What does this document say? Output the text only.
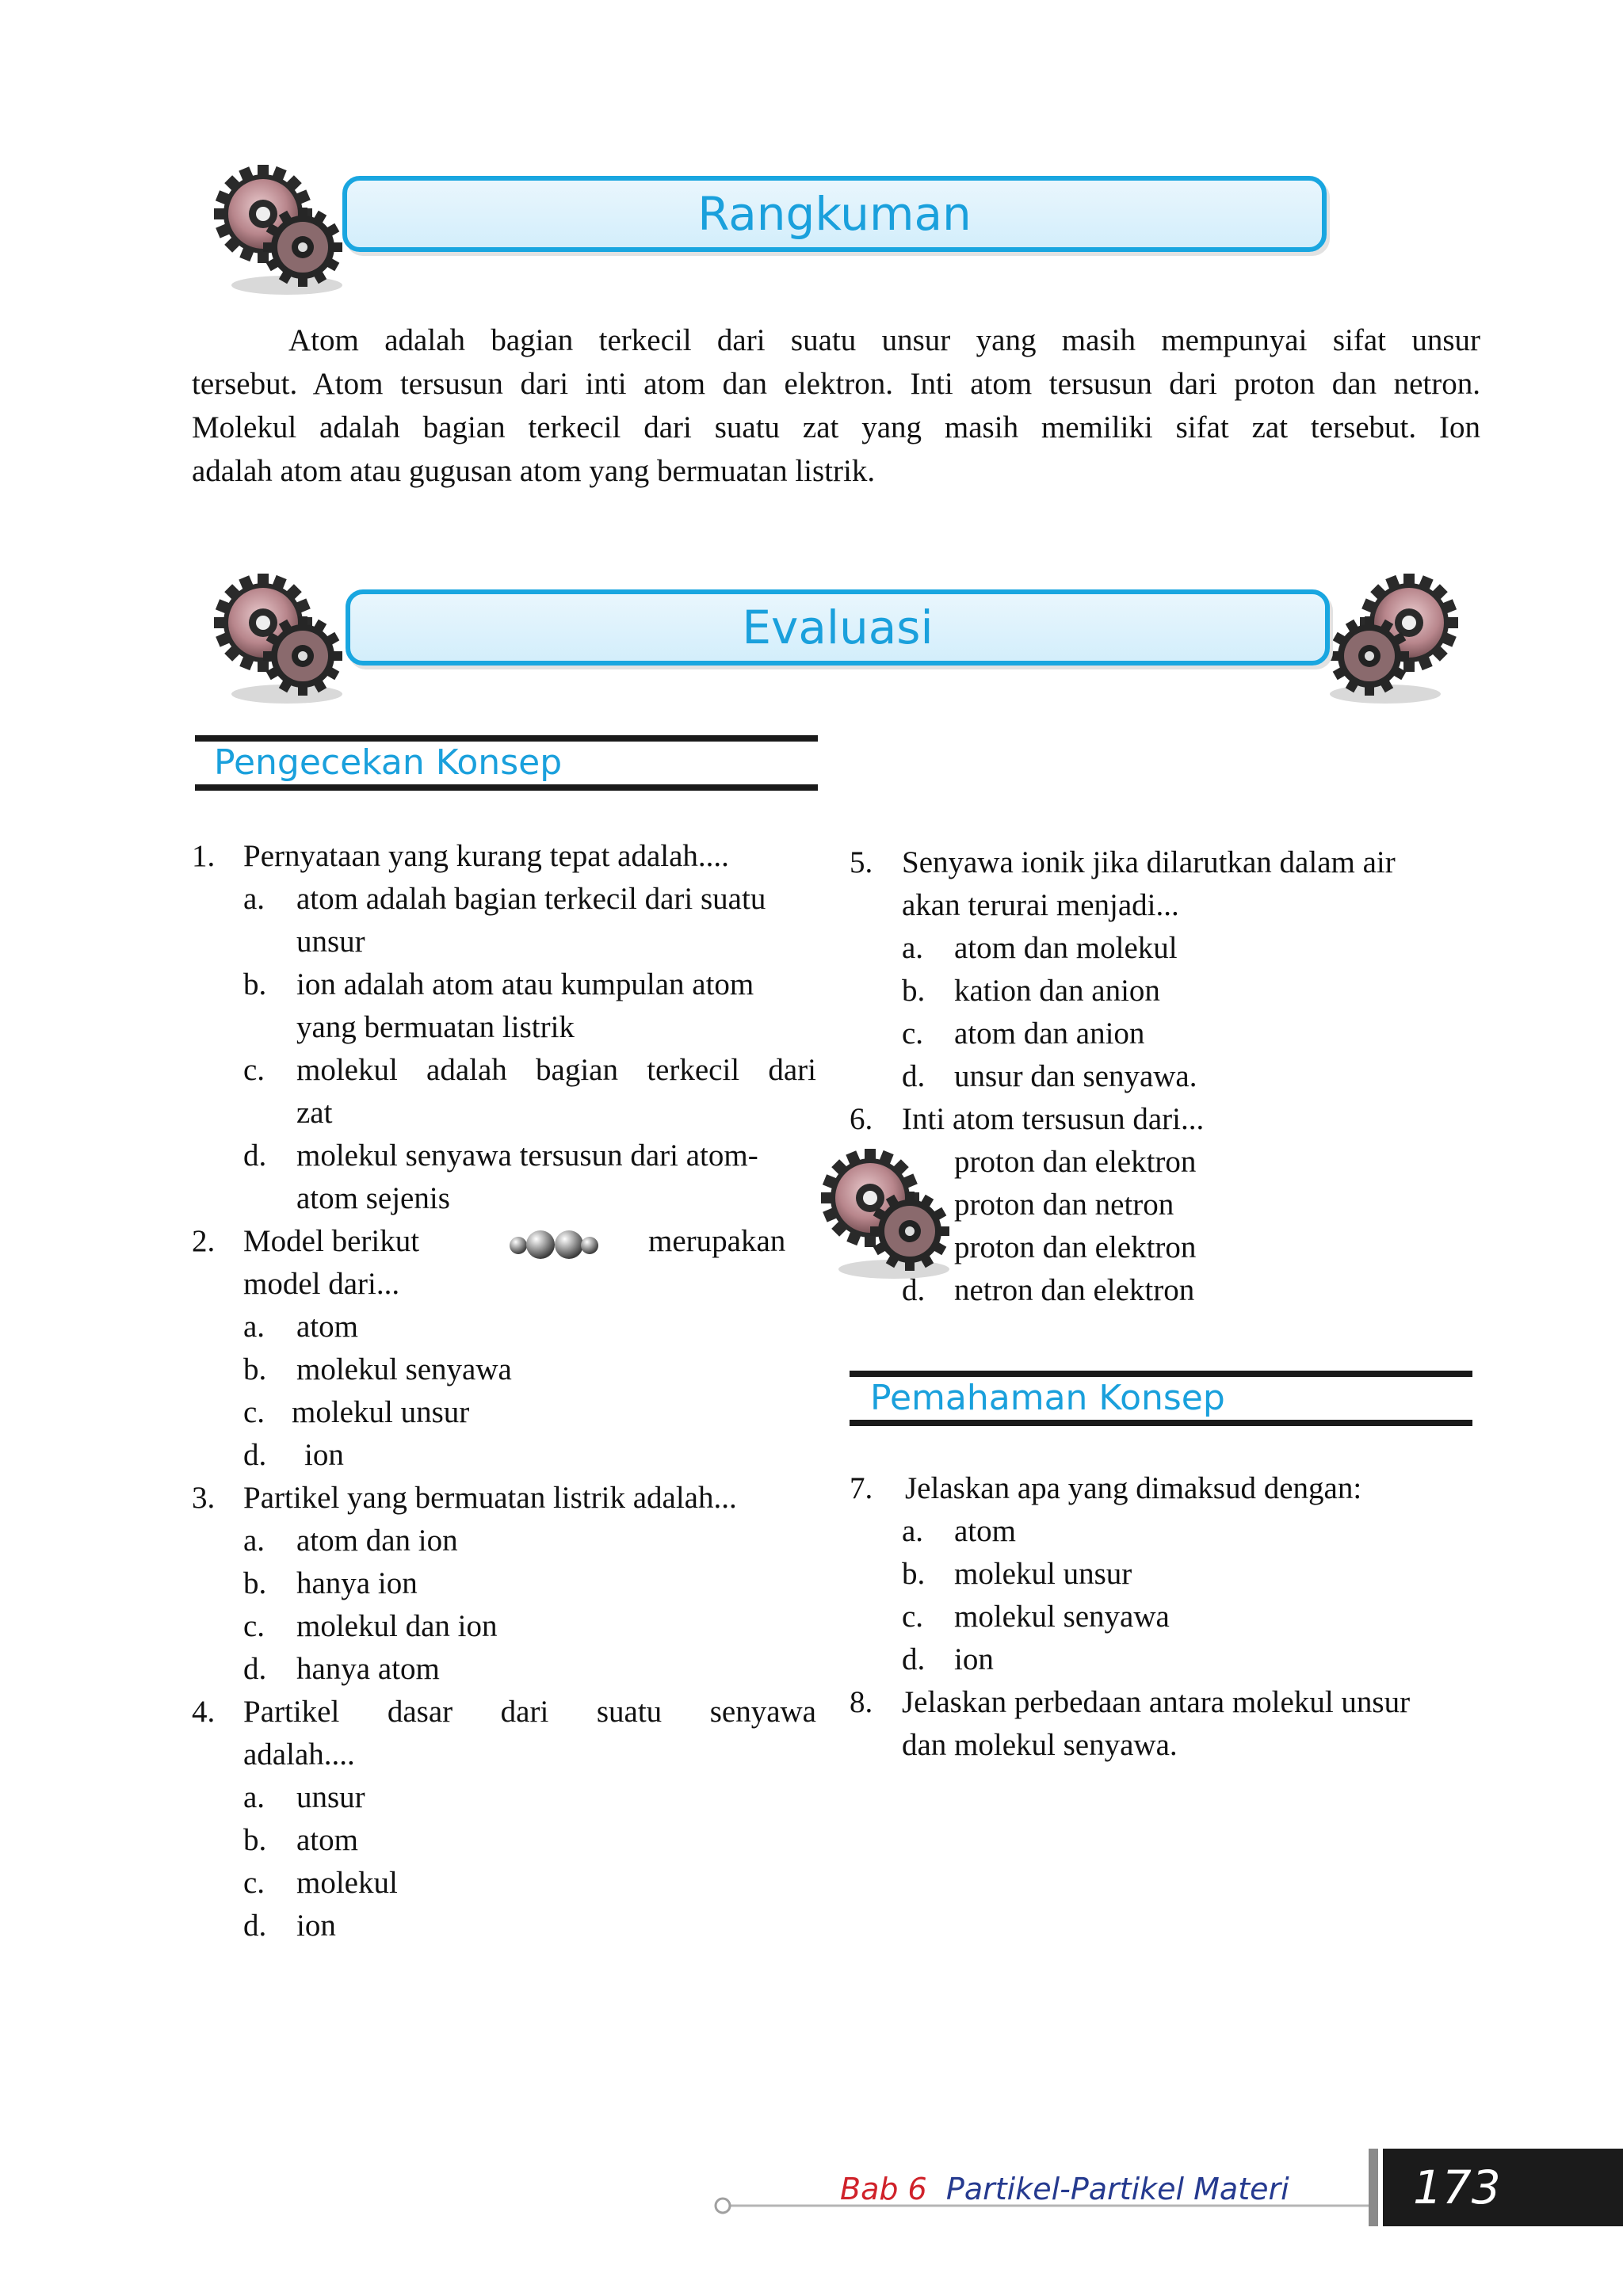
Rangkuman

Atom adalah bagian terkecil dari suatu unsur yang masih mempunyai sifat unsur
tersebut. Atom tersusun dari inti atom dan elektron. Inti atom tersusun dari proton dan netron.
Molekul adalah bagian terkecil dari suatu zat yang masih memiliki sifat zat tersebut. Ion
adalah atom atau gugusan atom yang bermuatan listrik.

Evaluasi
Pengecekan Konsep
1. Pernyataan yang kurang tepat adalah....
a. atom adalah bagian terkecil dari suatu
unsur
b. ion adalah atom atau kumpulan atom
yang bermuatan listrik
c. molekul adalah bagian terkecil dari
zat
d. molekul senyawa tersusun dari atom-
atom sejenis
2. Model berikut	merupakan
model dari...
a. atom
b. molekul senyawa
c. molekul unsur
d. ion
3. Partikel yang bermuatan listrik adalah...
a. atom dan ion
b. hanya ion
c. molekul dan ion
d. hanya atom
4. Partikel dasar dari suatu senyawa
adalah....
a. unsur
b. atom
c. molekul
d. ion
5. Senyawa ionik jika dilarutkan dalam air
akan terurai menjadi...
a. atom dan molekul
b. kation dan anion
c. atom dan anion
d. unsur dan senyawa.
6. Inti atom tersusun dari...
proton dan elektron
proton dan netron
proton dan elektron
d. netron dan elektron
Pemahaman Konsep
7. Jelaskan apa yang dimaksud dengan:
a. atom
b. molekul unsur
c. molekul senyawa
d. ion
8. Jelaskan perbedaan antara molekul unsur
dan molekul senyawa.
Bab 6 Partikel-Partikel Materi	173
